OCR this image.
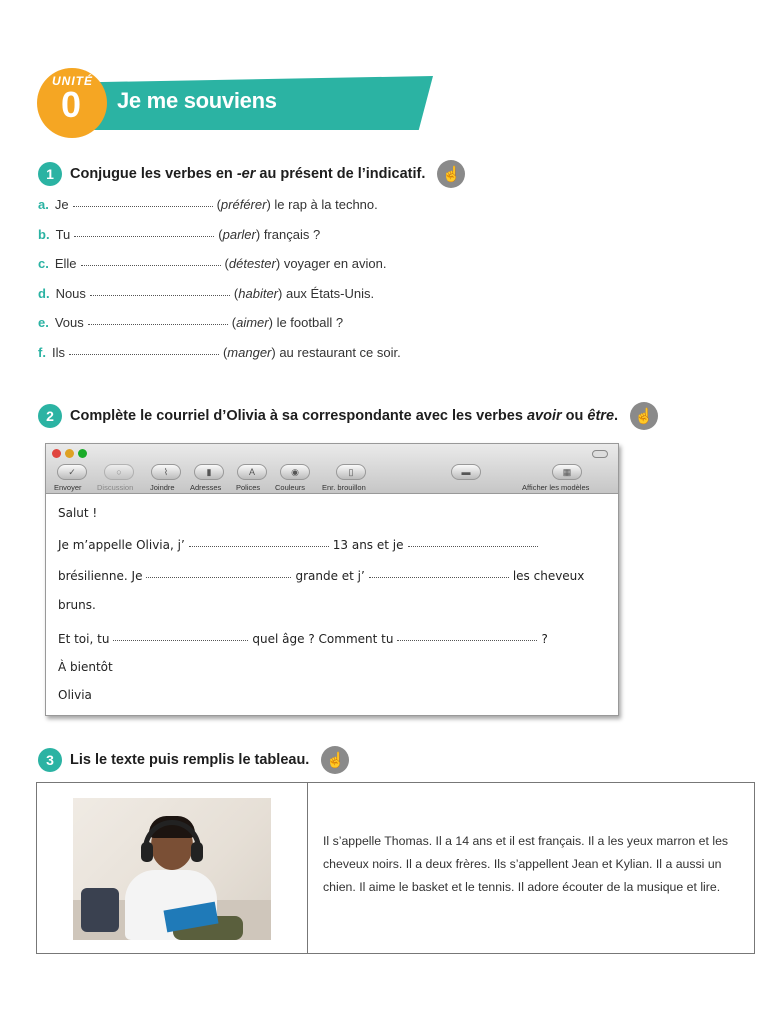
UNITÉ
0 Je me souviens
1	Conjugue les verbes en -er au présent de l’indicatif.	☝
a. Je	( préférer ) le rap à la techno.
b. Tu	( parler ) français ?
c. Elle	( détester ) voyager en avion.
d. Nous	( habiter ) aux États-Unis.
e. Vous	( aimer ) le football ?
f. Ils	( manger ) au restaurant ce soir.
2	Complète le courriel d’Olivia à sa correspondante avec les verbes avoir ou être.	☝
✓
Envoyer
○
Discussion
⌇
Joindre
▮
Adresses
A
Polices
◉
Couleurs
▯
Enr. brouillon
▬	▦
Afficher les modèles
Salut !
Je m’appelle Olivia, j’	13 ans et je
brésilienne. Je	grande et j’	les cheveux
bruns.
Et toi, tu	quel âge ? Comment tu	?
À bientôt
Olivia
3	Lis le texte puis remplis le tableau.	☝

Il s’appelle Thomas. Il a 14 ans et il est français. Il a les yeux marron et les cheveux noirs. Il a deux frères. Ils s’appellent Jean et Kylian. Il a aussi un chien. Il aime le basket et le tennis. Il adore écouter de la musique et lire.
